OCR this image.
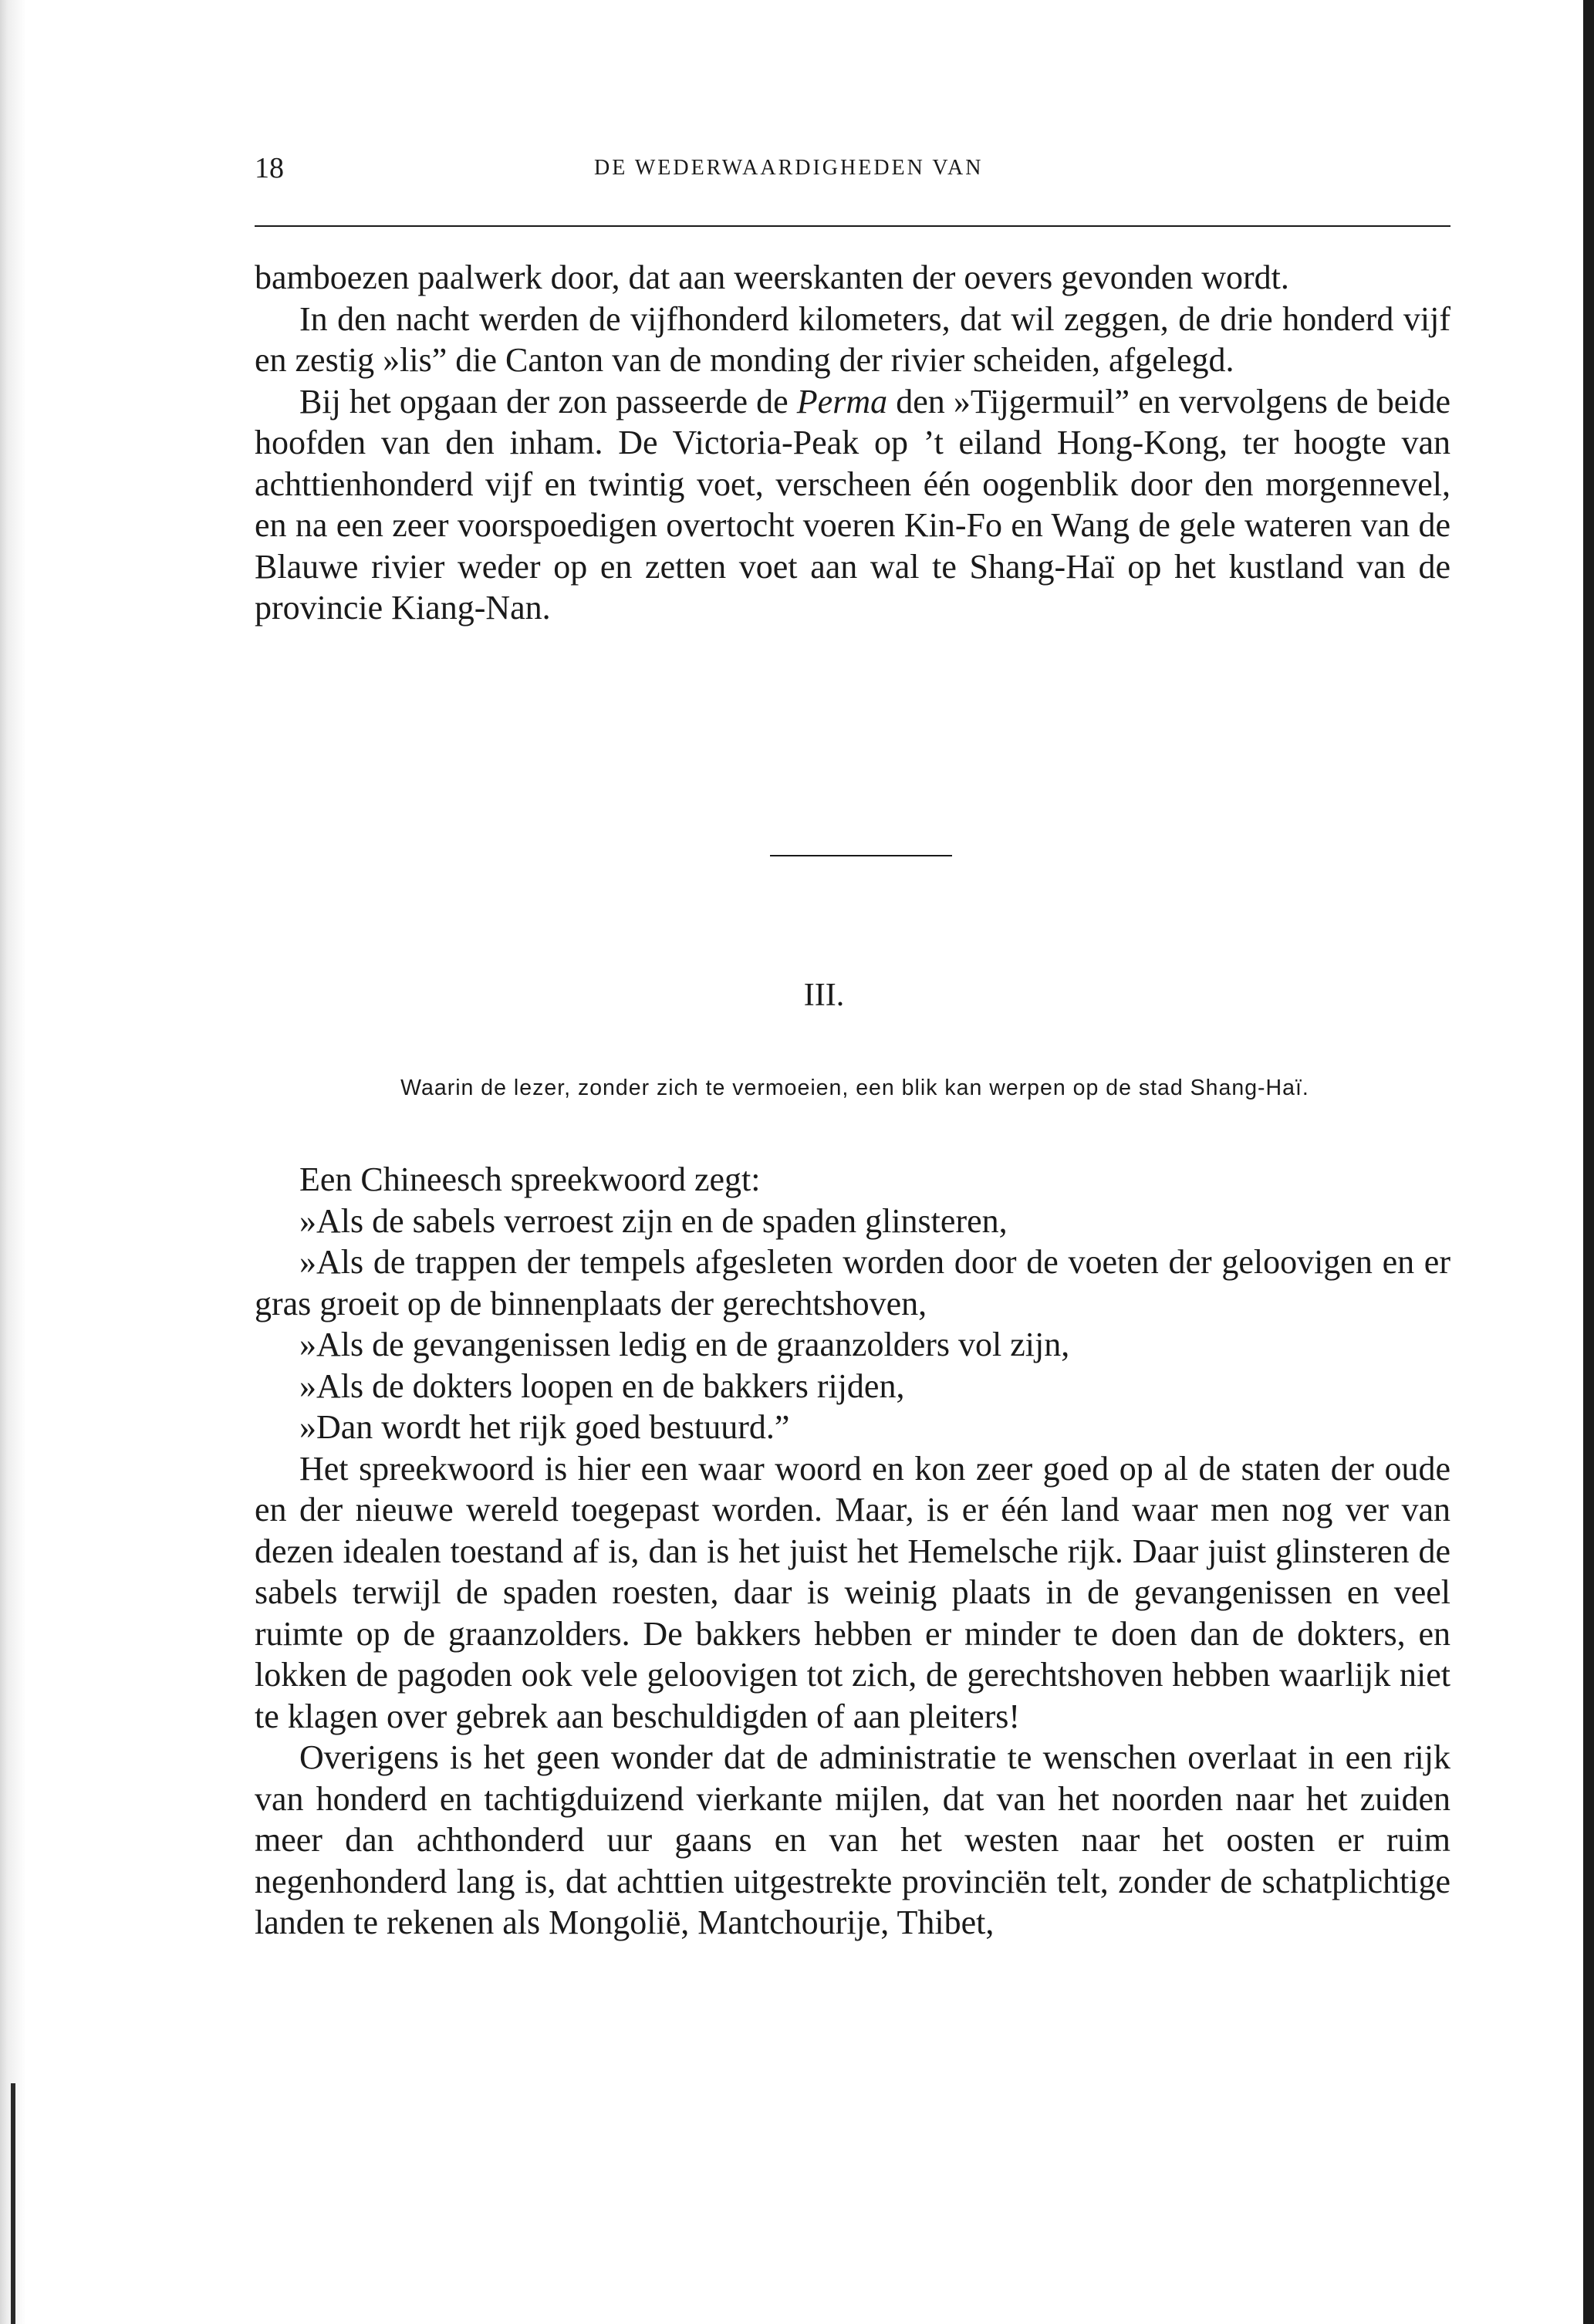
18	DE WEDERWAARDIGHEDEN VAN

bamboezen paalwerk door, dat aan weerskanten der oevers gevonden wordt.

In den nacht werden de vijfhonderd kilometers, dat wil zeggen, de drie honderd vijf en zestig »lis” die Canton van de monding der rivier scheiden, afgelegd.

Bij het opgaan der zon passeerde de Perma den »Tijgermuil” en vervolgens de beide hoofden van den inham. De Victoria-Peak op ’t eiland Hong-Kong, ter hoogte van achttienhonderd vijf en twintig voet, verscheen één oogenblik door den morgennevel, en na een zeer voorspoedigen overtocht voeren Kin-Fo en Wang de gele wateren van de Blauwe rivier weder op en zetten voet aan wal te Shang-Haï op het kustland van de provincie Kiang-Nan.

III.
Waarin de lezer, zonder zich te vermoeien, een blik kan werpen op de stad Shang-Haï.

Een Chineesch spreekwoord zegt:

»Als de sabels verroest zijn en de spaden glinsteren,

»Als de trappen der tempels afgesleten worden door de voeten der geloovigen en er gras groeit op de binnenplaats der gerechtshoven,

»Als de gevangenissen ledig en de graanzolders vol zijn,

»Als de dokters loopen en de bakkers rijden,

»Dan wordt het rijk goed bestuurd.”

Het spreekwoord is hier een waar woord en kon zeer goed op al de staten der oude en der nieuwe wereld toegepast worden. Maar, is er één land waar men nog ver van dezen idealen toestand af is, dan is het juist het Hemelsche rijk. Daar juist glinsteren de sabels terwijl de spaden roesten, daar is weinig plaats in de gevangenissen en veel ruimte op de graanzolders. De bakkers hebben er minder te doen dan de dokters, en lokken de pagoden ook vele geloovigen tot zich, de gerechtshoven hebben waarlijk niet te klagen over gebrek aan beschuldigden of aan pleiters!

Overigens is het geen wonder dat de administratie te wenschen overlaat in een rijk van honderd en tachtigduizend vierkante mijlen, dat van het noorden naar het zuiden meer dan achthonderd uur gaans en van het westen naar het oosten er ruim negenhonderd lang is, dat achttien uitgestrekte provinciën telt, zonder de schatplichtige landen te rekenen als Mongolië, Mantchourije, Thibet,
